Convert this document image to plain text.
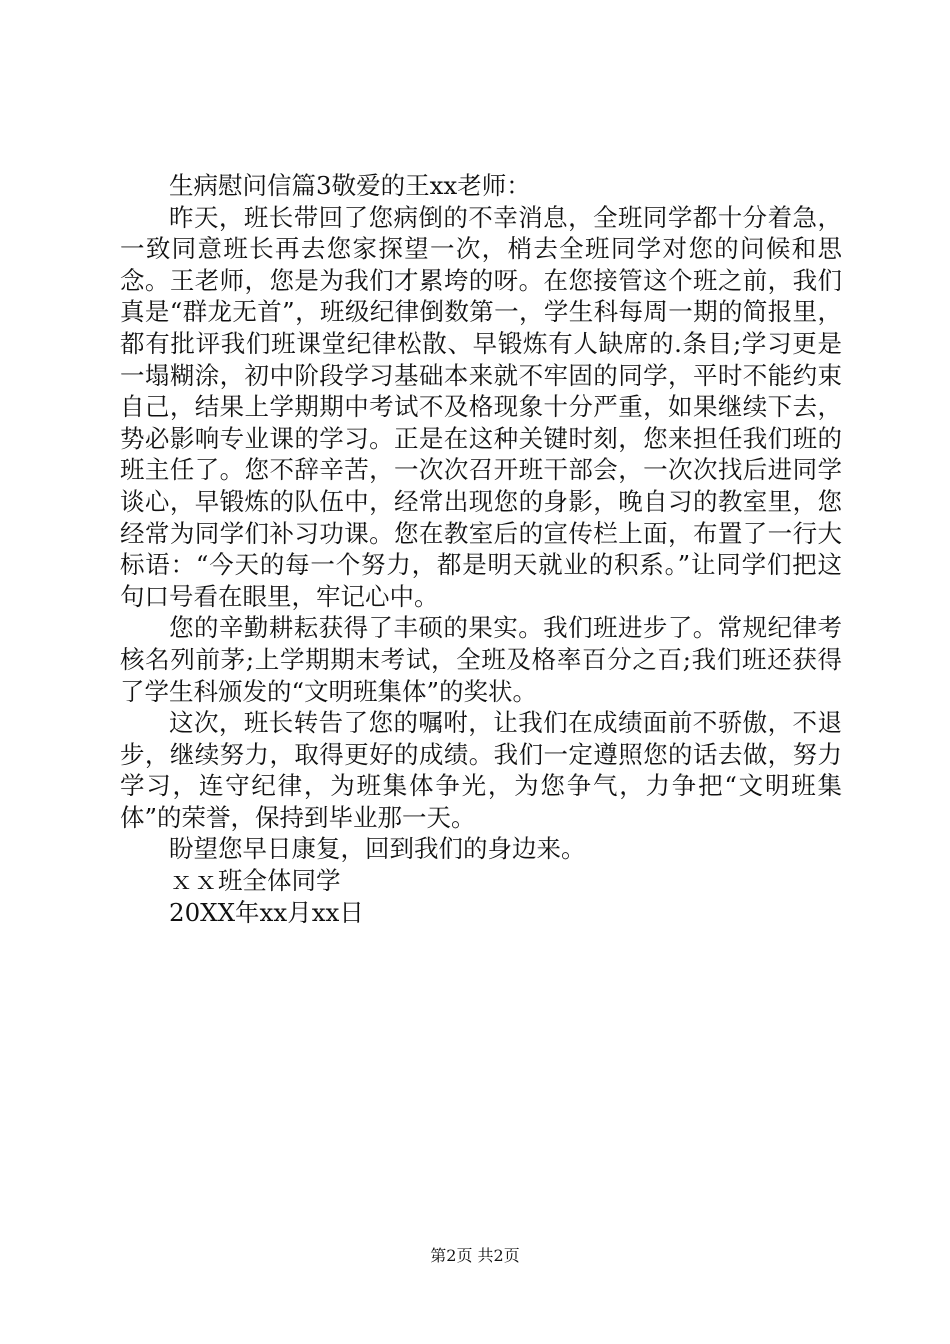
生病慰问信篇3敬爱的王xx老师：

昨天，班长带回了您病倒的不幸消息，全班同学都十分着急，一致同意班长再去您家探望一次，梢去全班同学对您的问候和思念。王老师，您是为我们才累垮的呀。在您接管这个班之前，我们真是“群龙无首”，班级纪律倒数第一，学生科每周一期的简报里，都有批评我们班课堂纪律松散、早锻炼有人缺席的.条目;学习更是一塌糊涂，初中阶段学习基础本来就不牢固的同学，平时不能约束自己，结果上学期期中考试不及格现象十分严重，如果继续下去，势必影响专业课的学习。正是在这种关键时刻，您来担任我们班的班主任了。您不辞辛苦，一次次召开班干部会，一次次找后进同学谈心，早锻炼的队伍中，经常出现您的身影，晚自习的教室里，您经常为同学们补习功课。您在教室后的宣传栏上面，布置了一行大标语：“今天的每一个努力，都是明天就业的积系。”让同学们把这句口号看在眼里，牢记心中。

您的辛勤耕耘获得了丰硕的果实。我们班进步了。常规纪律考核名列前茅;上学期期末考试，全班及格率百分之百;我们班还获得了学生科颁发的“文明班集体”的奖状。

这次，班长转告了您的嘱咐，让我们在成绩面前不骄傲，不退步，继续努力，取得更好的成绩。我们一定遵照您的话去做，努力学习，连守纪律，为班集体争光，为您争气，力争把“文明班集体”的荣誉，保持到毕业那一天。

盼望您早日康复，回到我们的身边来。

ｘｘ班全体同学

20XX年xx月xx日

第2页 共2页
